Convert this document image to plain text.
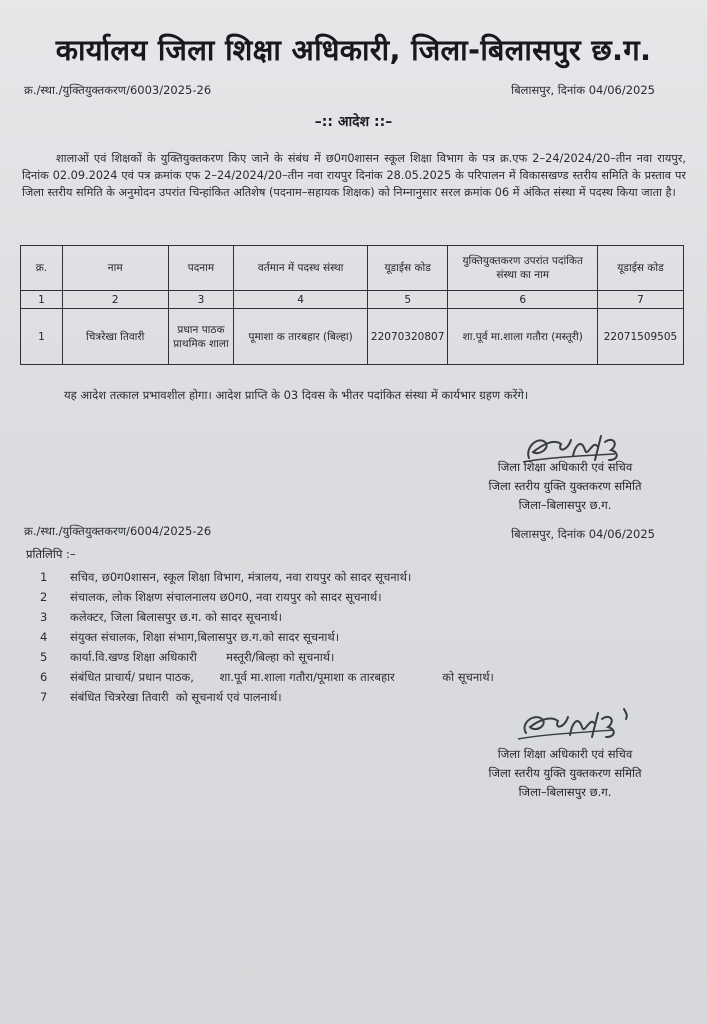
कार्यालय जिला शिक्षा अधिकारी, जिला-बिलासपुर छ.ग.
क्र./स्था./युक्तियुक्तकरण/6003/2025-26	बिलासपुर, दिनांक 04/06/2025
–:: आदेश ::–
शालाओं एवं शिक्षकों के युक्तियुक्तकरण किए जाने के संबंध में छ0ग0शासन स्कूल शिक्षा विभाग के पत्र क्र.एफ 2–24/2024/20–तीन नवा रायपुर, दिनांक 02.09.2024 एवं पत्र क्रमांक एफ 2–24/2024/20–तीन नवा रायपुर दिनांक 28.05.2025 के परिपालन में विकासखण्ड स्तरीय समिति के प्रस्ताव पर जिला स्तरीय समिति के अनुमोदन उपरांत चिन्हांकित अतिशेष (पदनाम–सहायक शिक्षक) को निम्नानुसार सरल क्रमांक 06 में अंकित संस्था में पदस्थ किया जाता है।
क्र.	नाम	पदनाम	वर्तमान में पदस्थ संस्था	यूडाईस कोड	युक्तियुक्तकरण उपरांत पदांकित संस्था का नाम	यूडाईस कोड
1	2	3	4	5	6	7
1	चित्ररेखा तिवारी	प्रधान पाठक प्राथमिक शाला	पूमाशा क तारबहार (बिल्हा)	22070320807	शा.पूर्व मा.शाला गतौरा (मस्तूरी)	22071509505
यह आदेश तत्काल प्रभावशील होगा। आदेश प्राप्ति के 03 दिवस के भीतर पदांकित संस्था में कार्यभार ग्रहण करेंगे।
जिला शिक्षा अधिकारी एवं सचिव
जिला स्तरीय युक्ति युक्तकरण समिति
जिला–बिलासपुर छ.ग.
क्र./स्था./युक्तियुक्तकरण/6004/2025-26	बिलासपुर, दिनांक 04/06/2025
प्रतिलिपि :–
1 सचिव, छ0ग0शासन, स्कूल शिक्षा विभाग, मंत्रालय, नवा रायपुर को सादर सूचनार्थ।
2 संचालक, लोक शिक्षण संचालनालय छ0ग0, नवा रायपुर को सादर सूचनार्थ।
3 कलेक्टर, जिला बिलासपुर छ.ग. को सादर सूचनार्थ।
4 संयुक्त संचालक, शिक्षा संभाग,बिलासपुर छ.ग.को सादर सूचनार्थ।
5 कार्या.वि.खण्ड शिक्षा अधिकारी        मस्तूरी/बिल्हा को सूचनार्थ।
6 संबंधित प्राचार्य/ प्रधान पाठक,       शा.पूर्व मा.शाला गतौरा/पूमाशा क तारबहार             को सूचनार्थ।
7 संबंधित चित्ररेखा तिवारी  को सूचनार्थ एवं पालनार्थ।
जिला शिक्षा अधिकारी एवं सचिव
जिला स्तरीय युक्ति युक्तकरण समिति
जिला–बिलासपुर छ.ग.
